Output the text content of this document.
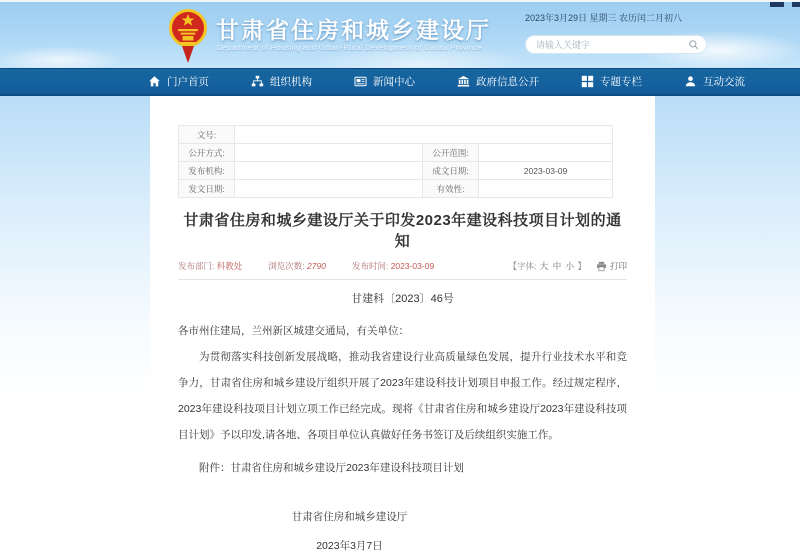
甘肃省住房和城乡建设厅
Department of Housing and Urban-Rural Development of Gansu Province
2023年3月29日 星期三 农历闰二月初八
请输入关键字
门户首页	组织机构	新闻中心	政府信息公开	专题专栏	互动交流
文号:			
公开方式:		公开范围:	
发布机构:		成文日期:	2023-03-09
发文日期:		有效性:	
甘肃省住房和城乡建设厅关于印发2023年建设科技项目计划的通知
发布部门: 科教处	浏览次数: 2790	发布时间: 2023-03-09	【字体: 大 中 小 】	打印
甘建科〔2023〕46号

各市州住建局，兰州新区城建交通局，有关单位：

为贯彻落实科技创新发展战略，推动我省建设行业高质量绿色发展，提升行业技术水平和竞争力，甘肃省住房和城乡建设厅组织开展了2023年建设科技计划项目申报工作。经过规定程序，2023年建设科技项目计划立项工作已经完成。现将《甘肃省住房和城乡建设厅2023年建设科技项目计划》予以印发,请各地、各项目单位认真做好任务书签订及后续组织实施工作。

附件：甘肃省住房和城乡建设厅2023年建设科技项目计划
甘肃省住房和城乡建设厅
2023年3月7日
